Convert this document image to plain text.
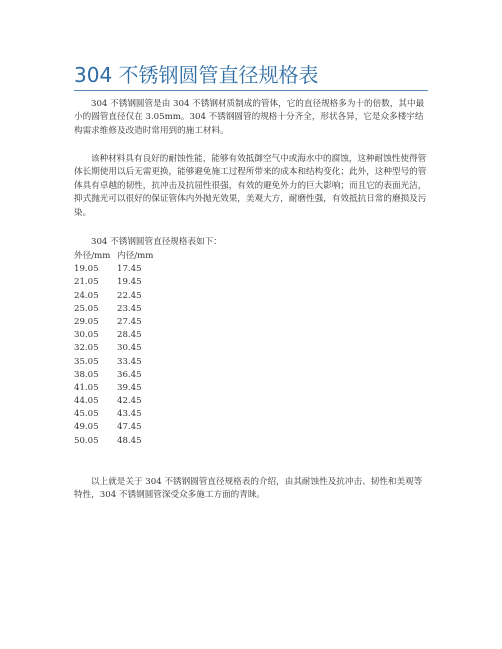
304 不锈钢圆管直径规格表

304 不锈钢圆管是由 304 不锈钢材质制成的管体，它的直径规格多为十的倍数，其中最小的圆管直径仅在 3.05mm。304 不锈钢圆管的规格十分齐全，形状各异，它是众多楼宇结构需求维修及改造时常用到的施工材料。

该种材料具有良好的耐蚀性能，能够有效抵御空气中或海水中的腐蚀，这种耐蚀性使得管体长期使用以后无需更换，能够避免施工过程所带来的成本和结构变化；此外，这种型号的管体具有卓越的韧性，抗冲击及抗屈性很强，有效的避免外力的巨大影响；而且它的表面光洁，抑式抛光可以很好的保证管体内外抛光效果，美观大方，耐磨性强，有效抵抗日常的磨损及污染。

304 不锈钢圆管直径规格表如下：

外径/mm 内径/mm
19.05	17.45
21.05	19.45
24.05	22.45
25.05	23.45
29.05	27.45
30.05	28.45
32.05	30.45
35.05	33.45
38.05	36.45
41.05	39.45
44.05	42.45
45.05	43.45
49.05	47.45
50.05	48.45

以上就是关于 304 不锈钢圆管直径规格表的介绍，由其耐蚀性及抗冲击、韧性和美观等特性，304 不锈钢圆管深受众多施工方面的青睐。
